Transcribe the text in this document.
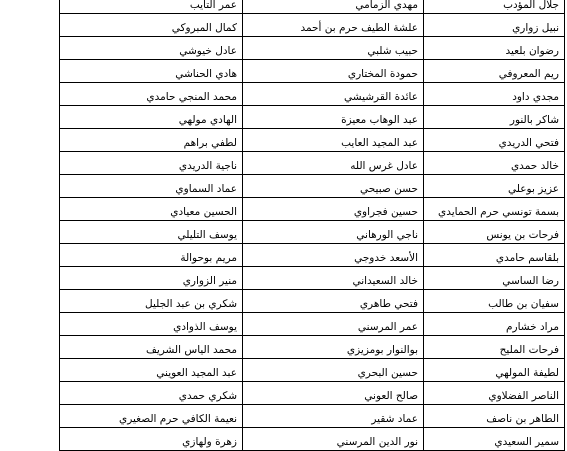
جلال المؤدب	مهدي الزمامي	عمر التايب
نبيل زواري	علشة الطيف حرم بن أحمد	كمال المبروكي
رضوان بلعيد	حبيب شلبي	عادل خيوشي
ريم المعروفي	حمودة المختاري	هادي الحناشي
مجدي داود	عائدة القرشيشي	محمد المنجي حامدي
شاكر بالنور	عبد الوهاب معيزة	الهادي مولهي
فتحي الدريدي	عبد المجيد العايب	لطفي براهم
خالد حمدي	عادل غرس الله	ناجية الدريدي
عزيز بوعلي	حسن صبيحي	عماد السماوي
بسمة تونسي حرم الحمايدي	حسين فجراوي	الحسين معيادي
فرحات بن يونس	ناجي الورهاني	يوسف التليلي
بلقاسم حامدي	الأسعد خدوجي	مريم بوحوالة
رضا الساسي	خالد السعيداني	منير الزواري
سفيان بن طالب	فتحي طاهري	شكري بن عبد الجليل
مراد خشارم	عمر المرسني	يوسف الذوادي
فرحات المليح	بوالنوار بومزيزي	محمد الياس الشريف
لطيفة المولهي	حسين البحري	عبد المجيد العويني
الناصر الفضلاوي	صالح العوني	شكري حمدي
الطاهر بن ناصف	عماد شقير	نعيمة الكافي حرم الصغيري
سمير السعيدي	نور الدين المرسني	زهرة ولهازي
